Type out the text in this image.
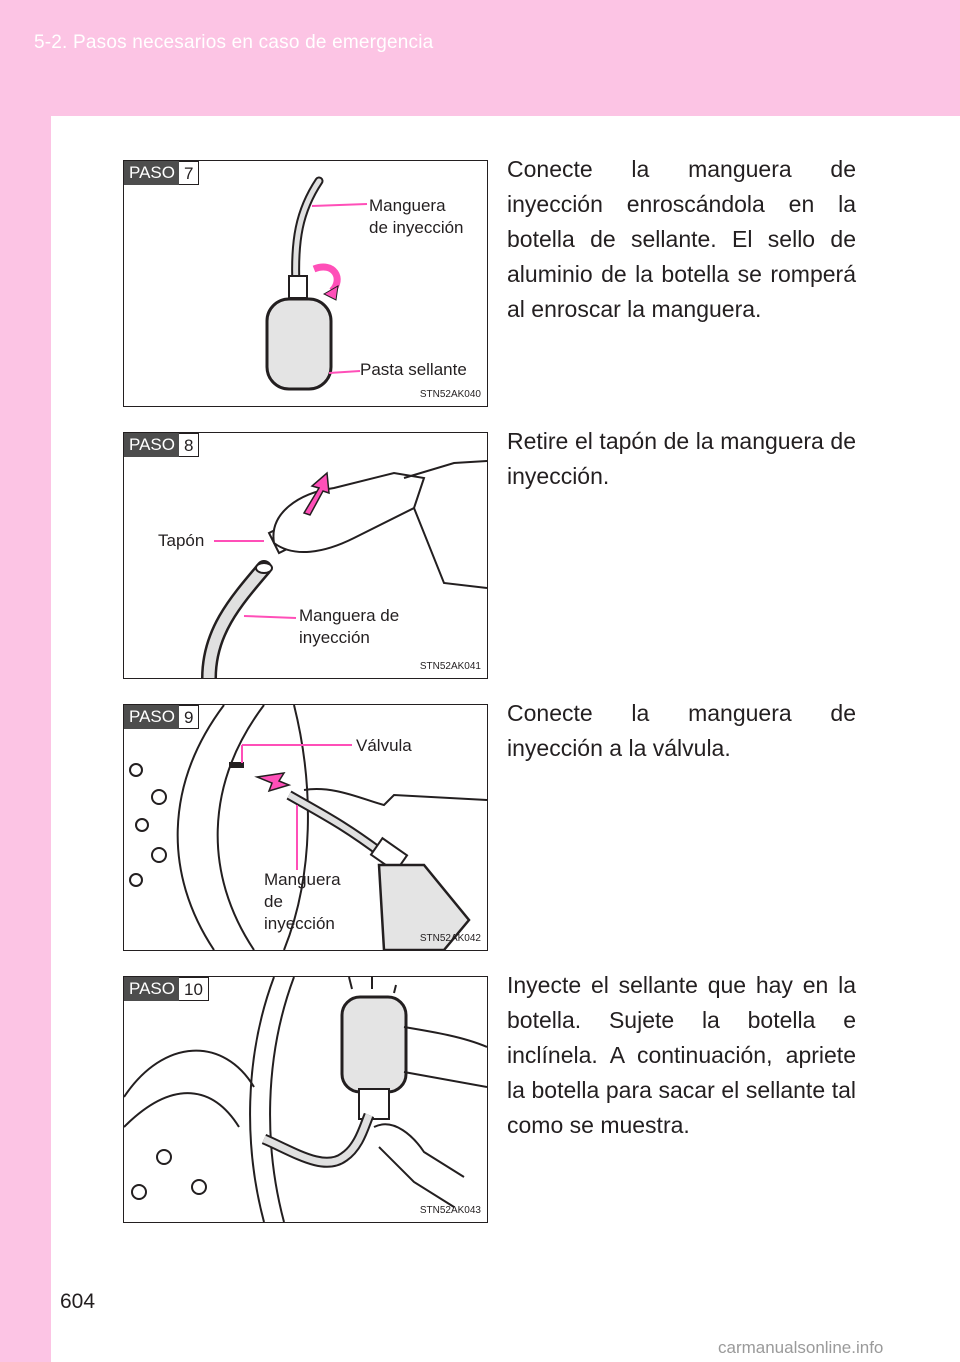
5-2. Pasos necesarios en caso de emergencia
PASO 7
Manguera
de inyección
Pasta sellante
STN52AK040
Conecte la manguera de inyección enroscándola en la botella de sellante. El sello de aluminio de la botella se romperá al enroscar la manguera.
PASO 8
Tapón
Manguera de
inyección
STN52AK041
Retire el tapón de la manguera de inyección.
PASO 9
Válvula
Manguera
de
inyección
STN52AK042
Conecte la manguera de inyección a la válvula.
PASO 10
STN52AK043
Inyecte el sellante que hay en la botella. Sujete la botella e inclínela. A continuación, apriete la botella para sacar el sellante tal como se muestra.
604
carmanualsonline.info
